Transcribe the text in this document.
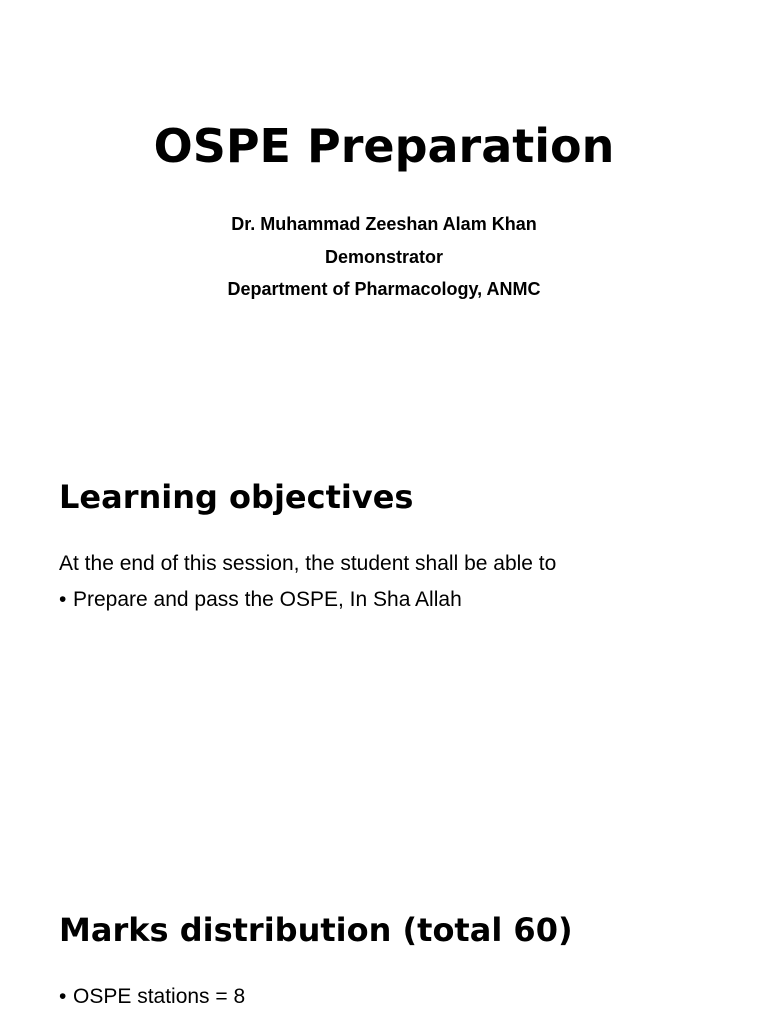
OSPE Preparation
Dr. Muhammad Zeeshan Alam Khan
Demonstrator
Department of Pharmacology, ANMC
Learning objectives

At the end of this session, the student shall be able to

• Prepare and pass the OSPE, In Sha Allah
Marks distribution (total 60)
• OSPE stations = 8
